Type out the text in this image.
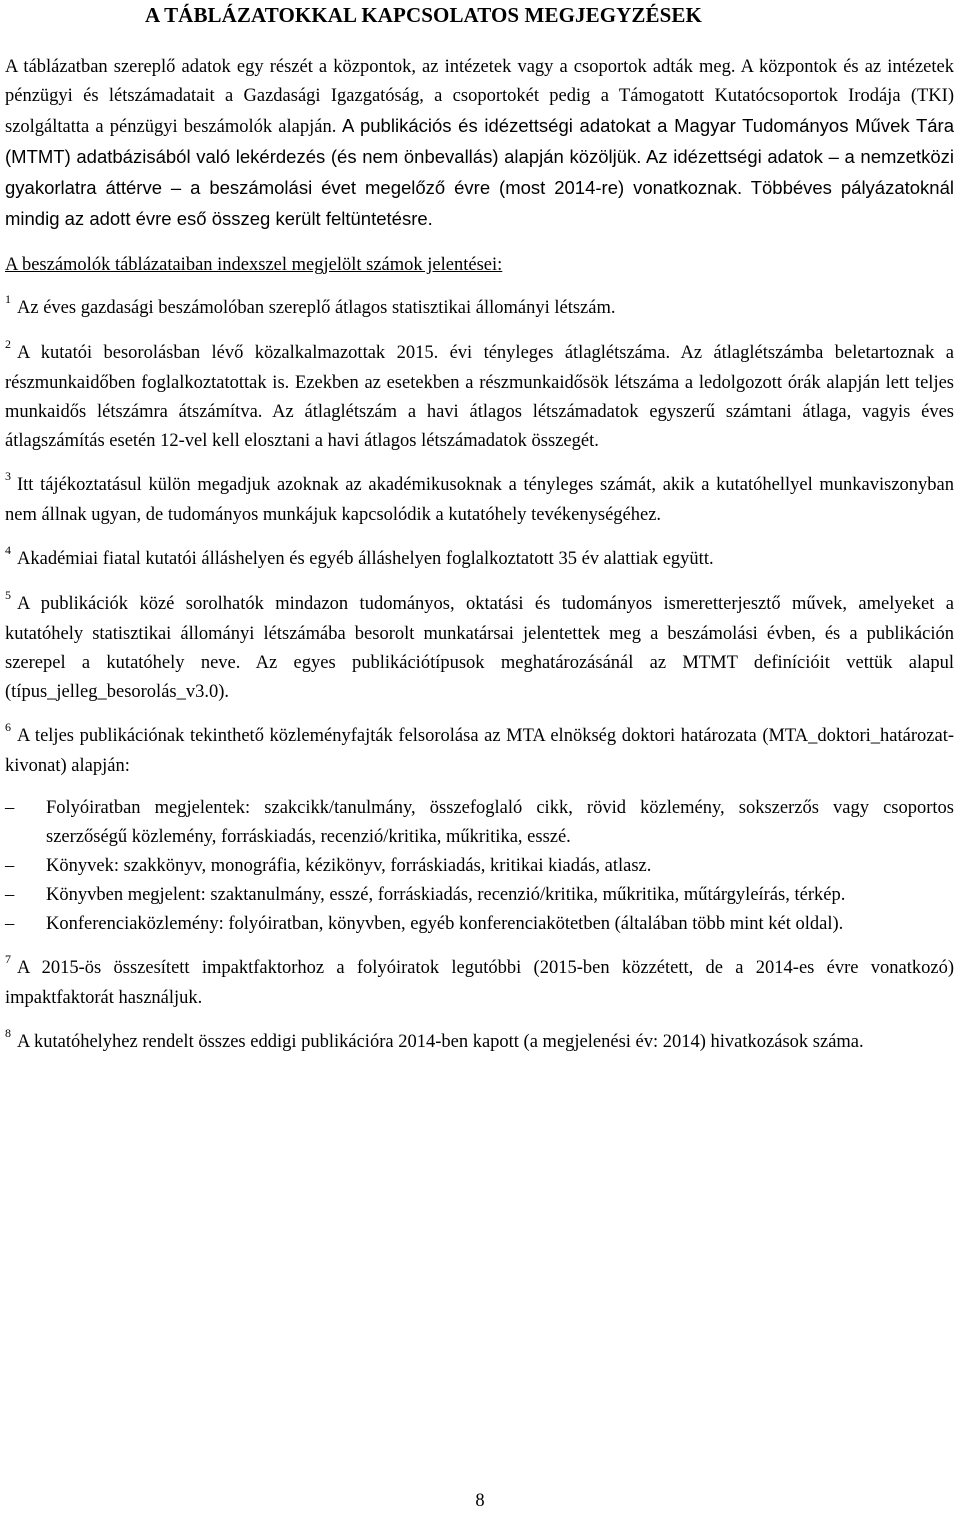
A TÁBLÁZATOKKAL KAPCSOLATOS MEGJEGYZÉSEK

A táblázatban szereplő adatok egy részét a központok, az intézetek vagy a csoportok adták meg. A központok és az intézetek pénzügyi és létszámadatait a Gazdasági Igazgatóság, a csoportokét pedig a Támogatott Kutatócsoportok Irodája (TKI) szolgáltatta a pénzügyi beszámolók alapján. A publikációs és idézettségi adatokat a Magyar Tudományos Művek Tára (MTMT) adatbázisából való lekérdezés (és nem önbevallás) alapján közöljük. Az idézettségi adatok – a nemzetközi gyakorlatra áttérve – a beszámolási évet megelőző évre (most 2014-re) vonatkoznak. Többéves pályázatoknál mindig az adott évre eső összeg került feltüntetésre.

A beszámolók táblázataiban indexszel megjelölt számok jelentései:

$^1$ Az éves gazdasági beszámolóban szereplő átlagos statisztikai állományi létszám.

$^2$ A kutatói besorolásban lévő közalkalmazottak 2015. évi tényleges átlaglétszáma. Az átlaglétszámba beletartoznak a részmunkaidőben foglalkoztatottak is. Ezekben az esetekben a részmunkaidősök létszáma a ledolgozott órák alapján lett teljes munkaidős létszámra átszámítva. Az átlaglétszám a havi átlagos létszámadatok egyszerű számtani átlaga, vagyis éves átlagszámítás esetén 12-vel kell elosztani a havi átlagos létszámadatok összegét.

$^3$ Itt tájékoztatásul külön megadjuk azoknak az akadémikusoknak a tényleges számát, akik a kutatóhellyel munkaviszonyban nem állnak ugyan, de tudományos munkájuk kapcsolódik a kutatóhely tevékenységéhez.

$^4$ Akadémiai fiatal kutatói álláshelyen és egyéb álláshelyen foglalkoztatott 35 év alattiak együtt.

$^5$ A publikációk közé sorolhatók mindazon tudományos, oktatási és tudományos ismeretterjesztő művek, amelyeket a kutatóhely statisztikai állományi létszámába besorolt munkatársai jelentettek meg a beszámolási évben, és a publikáción szerepel a kutatóhely neve. Az egyes publikációtípusok meghatározásánál az MTMT definícióit vettük alapul (típus_jelleg_besorolás_v3.0).

$^6$ A teljes publikációnak tekinthető közleményfajták felsorolása az MTA elnökség doktori határozata (MTA_doktori_határozat-kivonat) alapján:

– Folyóiratban megjelentek: szakcikk/tanulmány, összefoglaló cikk, rövid közlemény, sokszerzős vagy csoportos szerzőségű közlemény, forráskiadás, recenzió/kritika, műkritika, esszé.
– Könyvek: szakkönyv, monográfia, kézikönyv, forráskiadás, kritikai kiadás, atlasz.
– Könyvben megjelent: szaktanulmány, esszé, forráskiadás, recenzió/kritika, műkritika, műtárgyleírás, térkép.
– Konferenciaközlemény: folyóiratban, könyvben, egyéb konferenciakötetben (általában több mint két oldal).

$^7$ A 2015-ös összesített impaktfaktorhoz a folyóiratok legutóbbi (2015-ben közzétett, de a 2014-es évre vonatkozó) impaktfaktorát használjuk.

$^8$ A kutatóhelyhez rendelt összes eddigi publikációra 2014-ben kapott (a megjelenési év: 2014) hivatkozások száma.

8
